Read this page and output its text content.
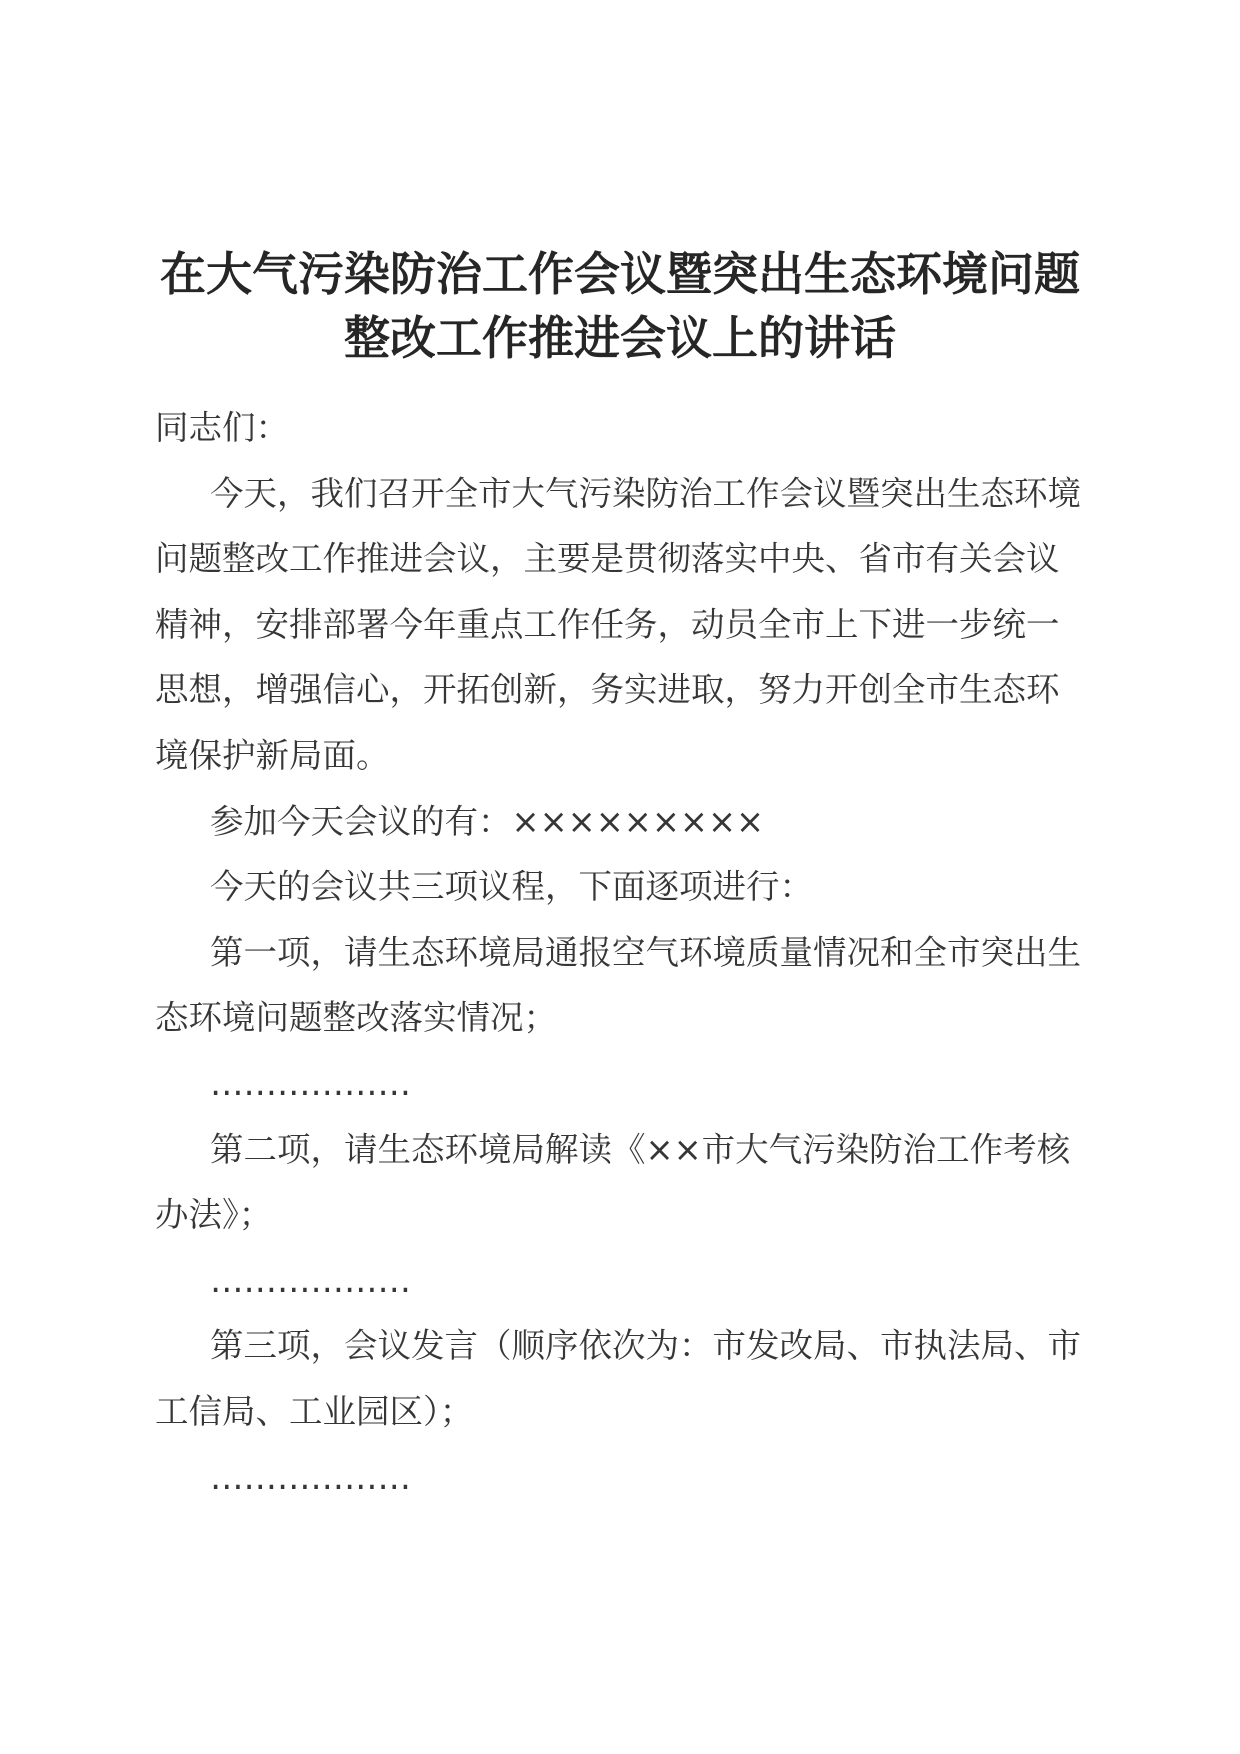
在大气污染防治工作会议暨突出生态环境问题
整改工作推进会议上的讲话
同志们：
今天，我们召开全市大气污染防治工作会议暨突出生态环境
问题整改工作推进会议，主要是贯彻落实中央、省市有关会议
精神，安排部署今年重点工作任务，动员全市上下进一步统一
思想，增强信心，开拓创新，务实进取，努力开创全市生态环
境保护新局面。
参加今天会议的有：×××××××××
今天的会议共三项议程，下面逐项进行：
第一项，请生态环境局通报空气环境质量情况和全市突出生
态环境问题整改落实情况；
………………
第二项，请生态环境局解读《××市大气污染防治工作考核
办法》；
………………
第三项，会议发言（顺序依次为：市发改局、市执法局、市
工信局、工业园区）；
………………
